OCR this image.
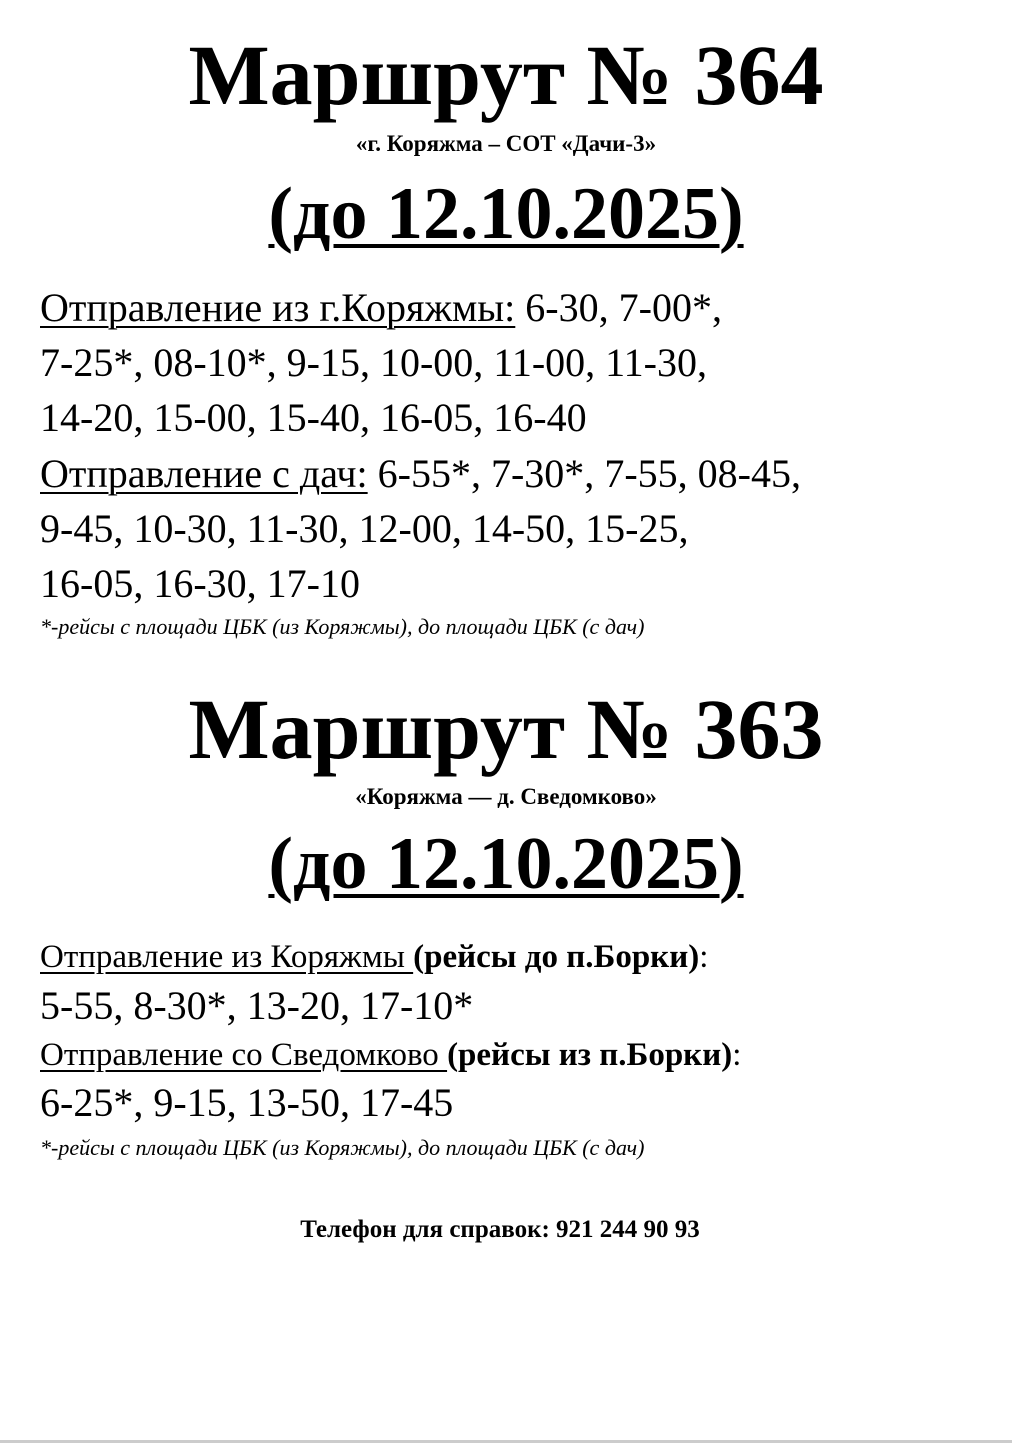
Маршрут № 364
«г. Коряжма – СОТ «Дачи-3»
(до 12.10.2025)
Отправление из г.Коряжмы: 6-30, 7-00*,
7-25*, 08-10*, 9-15, 10-00, 11-00, 11-30,
14-20, 15-00, 15-40, 16-05, 16-40
Отправление с дач: 6-55*, 7-30*, 7-55, 08-45,
9-45, 10-30, 11-30, 12-00, 14-50, 15-25,
16-05, 16-30, 17-10
*-рейсы с площади ЦБК (из Коряжмы), до площади ЦБК (с дач)
Маршрут № 363
«Коряжма — д. Сведомково»
(до 12.10.2025)
Отправление из Коряжмы (рейсы до п.Борки):
5-55, 8-30*, 13-20, 17-10*
Отправление со Сведомково (рейсы из п.Борки):
6-25*, 9-15, 13-50, 17-45
*-рейсы с площади ЦБК (из Коряжмы), до площади ЦБК (с дач)
Телефон для справок: 921 244 90 93
